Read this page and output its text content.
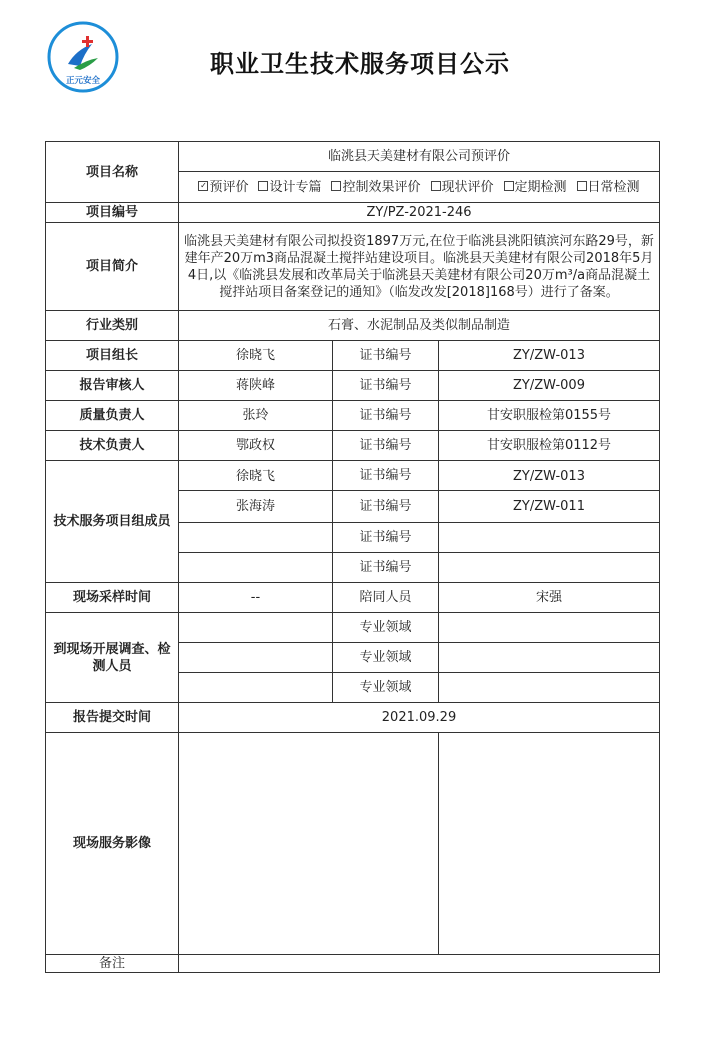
正元安全
职业卫生技术服务项目公示
项目名称	临洮县天美建材有限公司预评价		
✓预评价 设计专篇 控制效果评价 现状评价 定期检测 日常检测
项目编号	ZY/PZ-2021-246		
项目简介	临洮县天美建材有限公司拟投资1897万元,在位于临洮县洮阳镇滨河东路29号，新建年产20万m3商品混凝土搅拌站建设项目。临洮县天美建材有限公司2018年5月4日,以《临洮县发展和改革局关于临洮县天美建材有限公司20万m³/a商品混凝土搅拌站项目备案登记的通知》（临发改发[2018]168号）进行了备案。		
行业类别	石膏、水泥制品及类似制品制造		
项目组长	徐晓飞	证书编号	ZY/ZW-013
报告审核人	蒋陕峰	证书编号	ZY/ZW-009
质量负责人	张玲	证书编号	甘安职服检第0155号
技术负责人	鄂政权	证书编号	甘安职服检第0112号
技术服务项目组成员	徐晓飞	证书编号	ZY/ZW-013
	张海涛	证书编号	ZY/ZW-011
		证书编号	
		证书编号	
现场采样时间	--	陪同人员	宋强
到现场开展调查、检测人员		专业领域	
		专业领域	
		专业领域	
报告提交时间	2021.09.29		
现场服务影像			
备注			
